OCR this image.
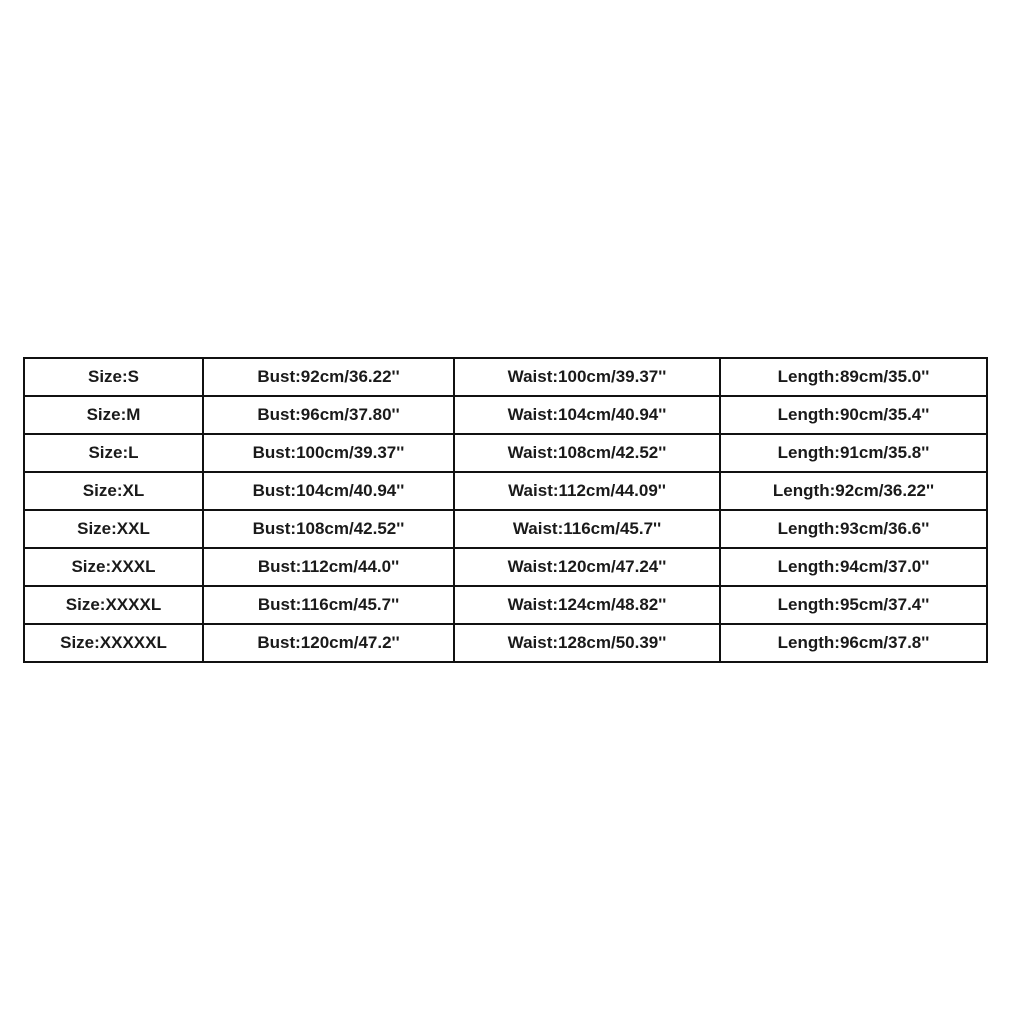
Size:S	Bust:92cm/36.22''	Waist:100cm/39.37''	Length:89cm/35.0''
Size:M	Bust:96cm/37.80''	Waist:104cm/40.94''	Length:90cm/35.4''
Size:L	Bust:100cm/39.37''	Waist:108cm/42.52''	Length:91cm/35.8''
Size:XL	Bust:104cm/40.94''	Waist:112cm/44.09''	Length:92cm/36.22''
Size:XXL	Bust:108cm/42.52''	Waist:116cm/45.7''	Length:93cm/36.6''
Size:XXXL	Bust:112cm/44.0''	Waist:120cm/47.24''	Length:94cm/37.0''
Size:XXXXL	Bust:116cm/45.7''	Waist:124cm/48.82''	Length:95cm/37.4''
Size:XXXXXL	Bust:120cm/47.2''	Waist:128cm/50.39''	Length:96cm/37.8''
